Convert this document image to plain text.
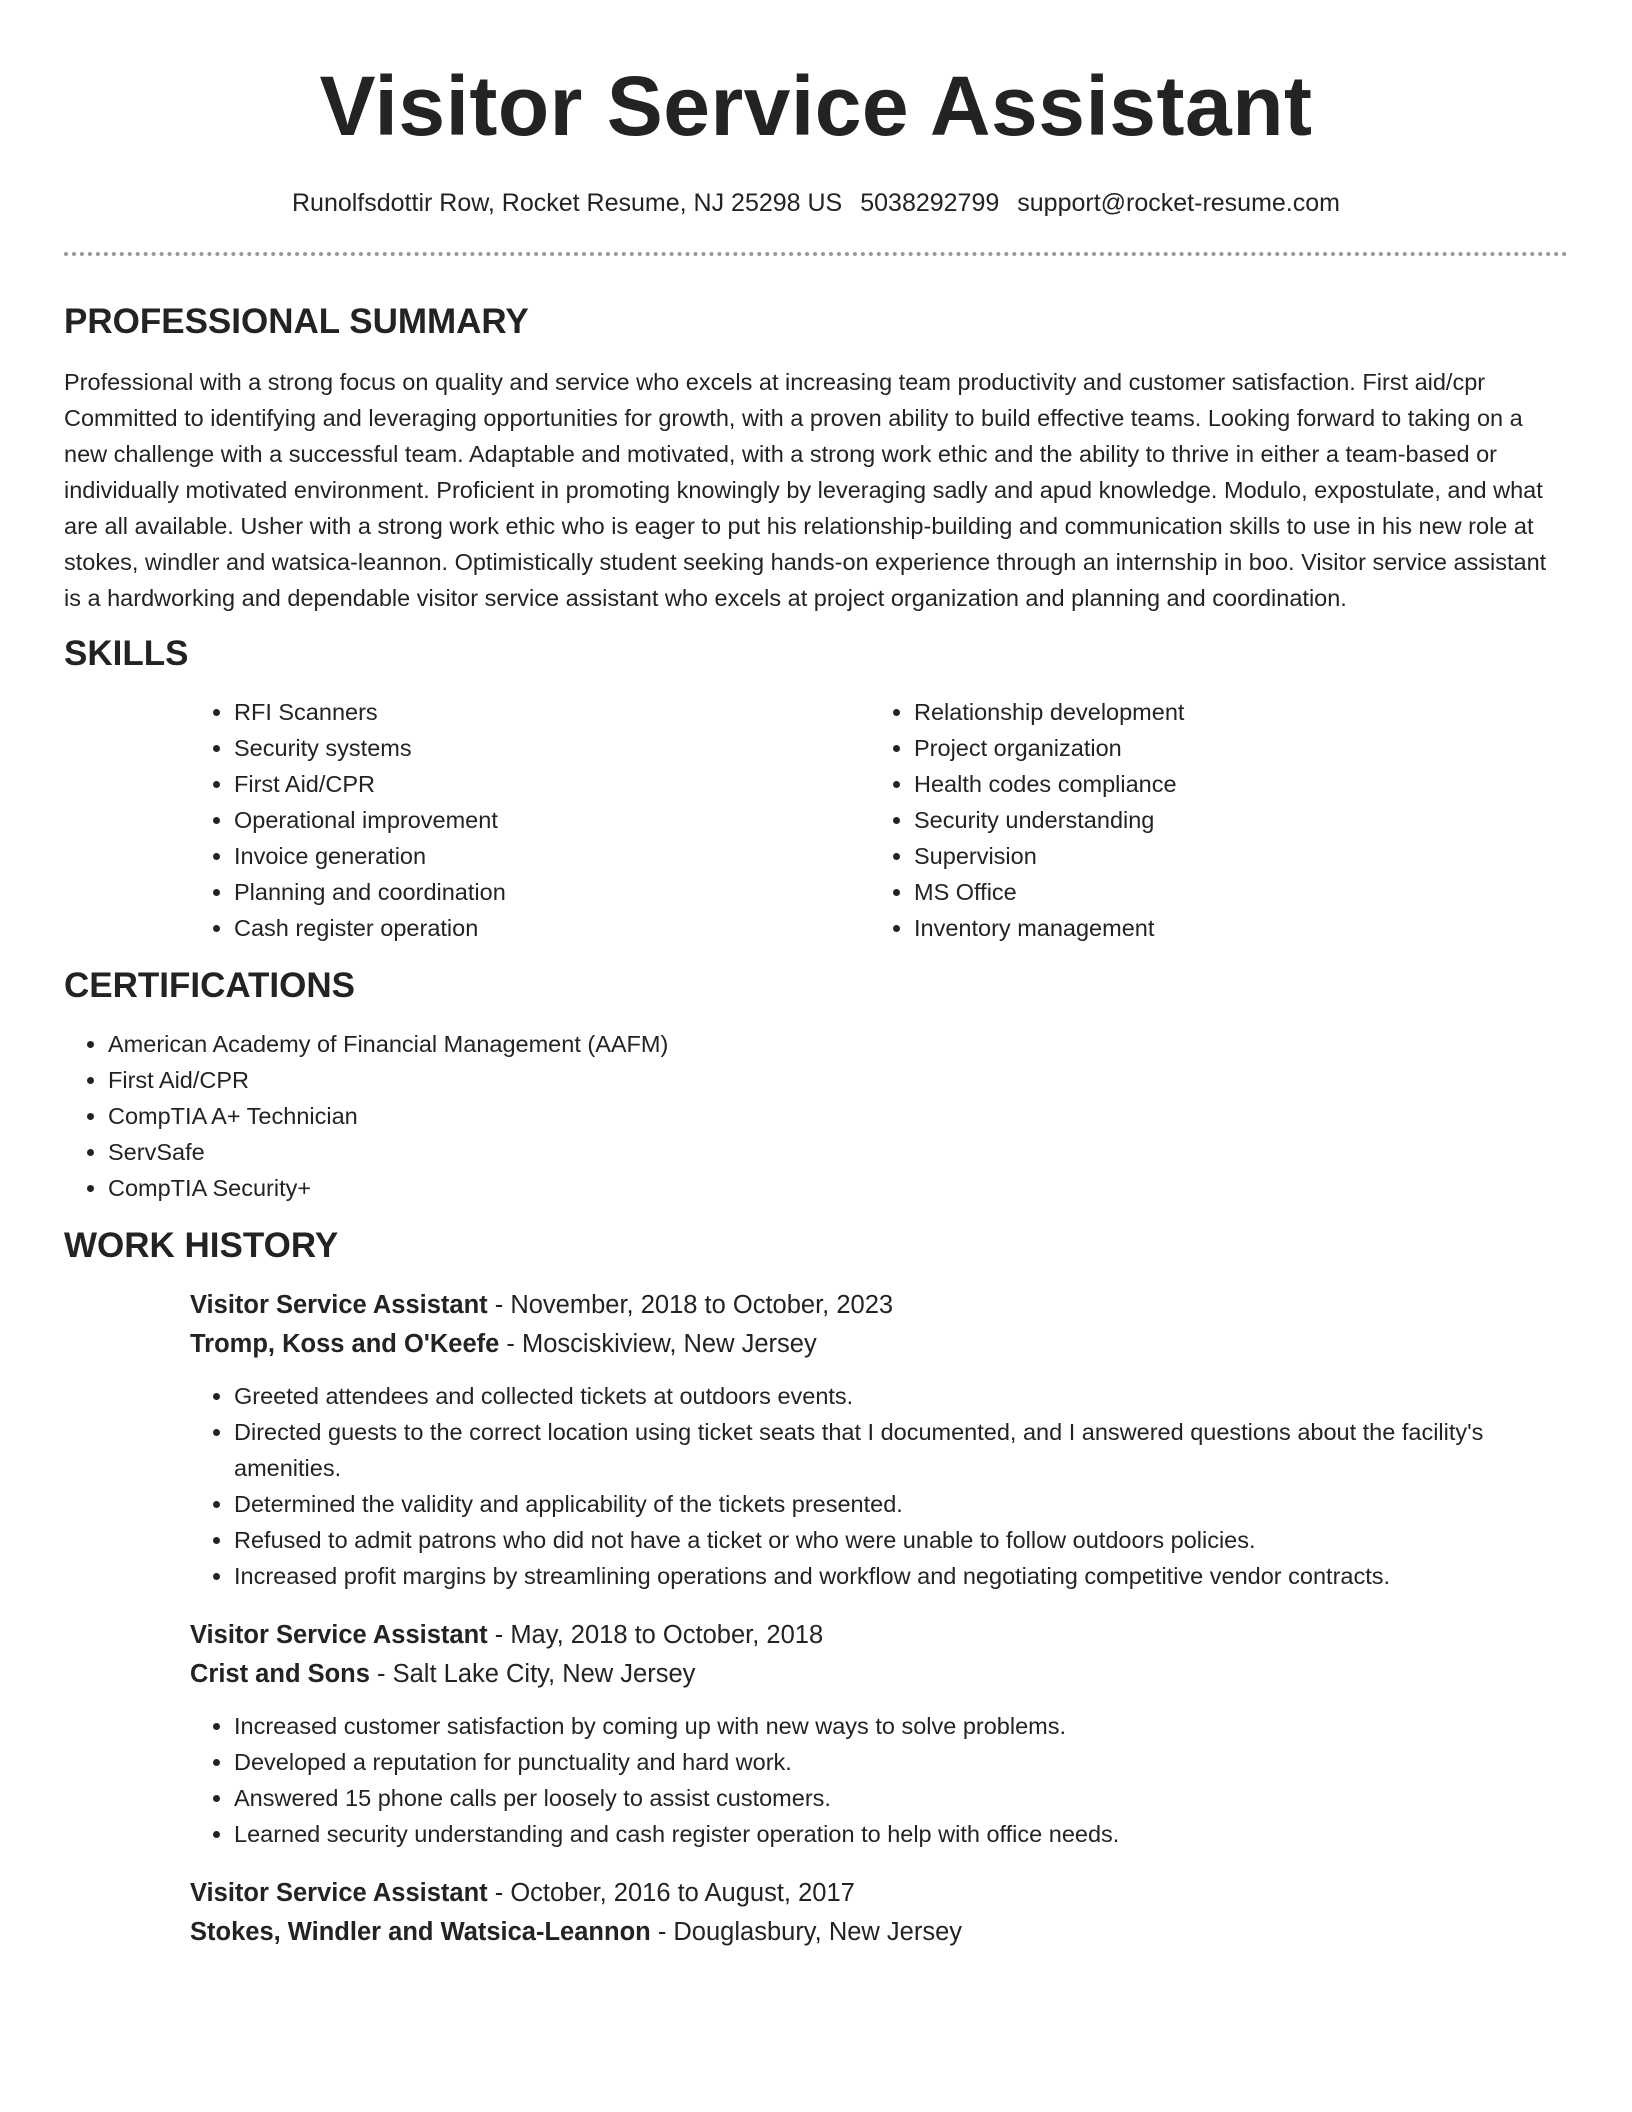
Visitor Service Assistant
Runolfsdottir Row, Rocket Resume, NJ 25298 US 5038292799 support@rocket-resume.com
PROFESSIONAL SUMMARY

Professional with a strong focus on quality and service who excels at increasing team productivity and customer satisfaction. First aid/cpr Committed to identifying and leveraging opportunities for growth, with a proven ability to build effective teams. Looking forward to taking on a new challenge with a successful team. Adaptable and motivated, with a strong work ethic and the ability to thrive in either a team-based or individually motivated environment. Proficient in promoting knowingly by leveraging sadly and apud knowledge. Modulo, expostulate, and what are all available. Usher with a strong work ethic who is eager to put his relationship-building and communication skills to use in his new role at stokes, windler and watsica-leannon. Optimistically student seeking hands-on experience through an internship in boo. Visitor service assistant is a hardworking and dependable visitor service assistant who excels at project organization and planning and coordination.

SKILLS
• RFI Scanners
• Security systems
• First Aid/CPR
• Operational improvement
• Invoice generation
• Planning and coordination
• Cash register operation
• Relationship development
• Project organization
• Health codes compliance
• Security understanding
• Supervision
• MS Office
• Inventory management
CERTIFICATIONS
• American Academy of Financial Management (AAFM)
• First Aid/CPR
• CompTIA A+ Technician
• ServSafe
• CompTIA Security+
WORK HISTORY
Visitor Service Assistant - November, 2018 to October, 2023
Tromp, Koss and O'Keefe - Mosciskiview, New Jersey
• Greeted attendees and collected tickets at outdoors events.
• Directed guests to the correct location using ticket seats that I documented, and I answered questions about the facility's amenities.
• Determined the validity and applicability of the tickets presented.
• Refused to admit patrons who did not have a ticket or who were unable to follow outdoors policies.
• Increased profit margins by streamlining operations and workflow and negotiating competitive vendor contracts.
Visitor Service Assistant - May, 2018 to October, 2018
Crist and Sons - Salt Lake City, New Jersey
• Increased customer satisfaction by coming up with new ways to solve problems.
• Developed a reputation for punctuality and hard work.
• Answered 15 phone calls per loosely to assist customers.
• Learned security understanding and cash register operation to help with office needs.
Visitor Service Assistant - October, 2016 to August, 2017
Stokes, Windler and Watsica-Leannon - Douglasbury, New Jersey
